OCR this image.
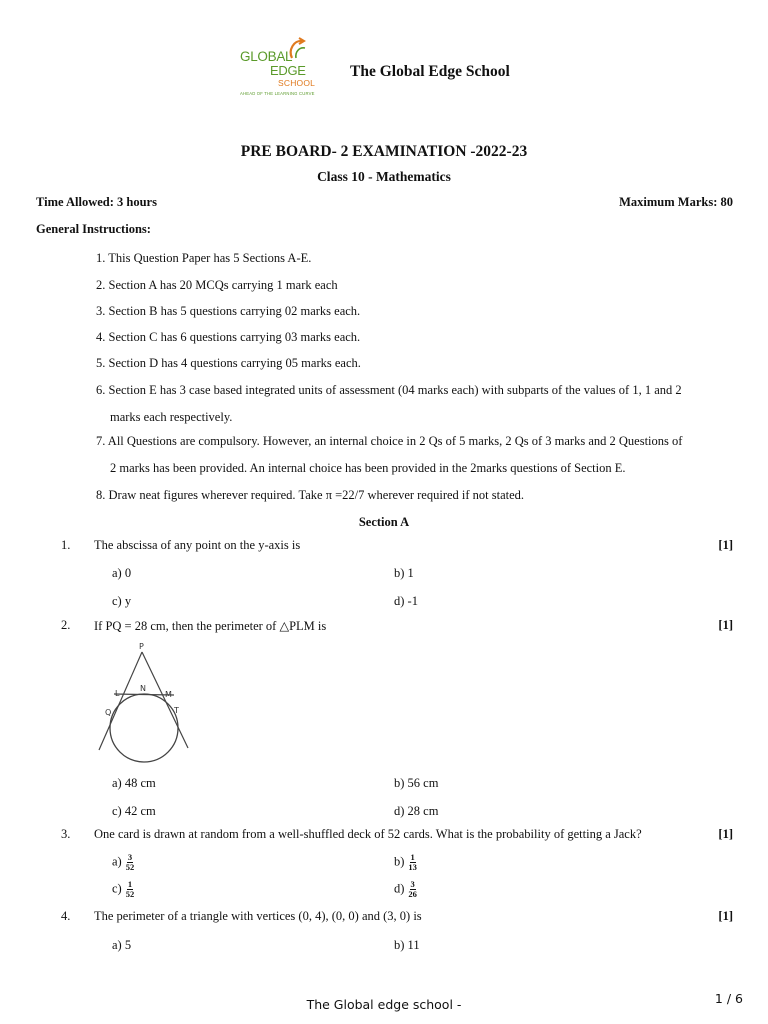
GLOBAL
EDGE
SCHOOL
AHEAD OF THE LEARNING CURVE
The Global Edge School
PRE BOARD- 2 EXAMINATION -2022-23
Class 10 - Mathematics
Time Allowed: 3 hours	Maximum Marks: 80
General Instructions:
1. This Question Paper has 5 Sections A-E.
2. Section A has 20 MCQs carrying 1 mark each
3. Section B has 5 questions carrying 02 marks each.
4. Section C has 6 questions carrying 03 marks each.
5. Section D has 4 questions carrying 05 marks each.
6. Section E has 3 case based integrated units of assessment (04 marks each) with subparts of the values of 1, 1 and 2
marks each respectively.
7. All Questions are compulsory. However, an internal choice in 2 Qs of 5 marks, 2 Qs of 3 marks and 2 Questions of
2 marks has been provided. An internal choice has been provided in the 2marks questions of Section E.
8. Draw neat figures wherever required. Take π =22/7 wherever required if not stated.
Section A
1. The abscissa of any point on the y-axis is	[1]
a) 0	b) 1
c) y	d) -1
2. If PQ = 28 cm, then the perimeter of △PLM is	[1]
P
L
N
M
Q	T
a) 48 cm	b) 56 cm
c) 42 cm	d) 28 cm
3. One card is drawn at random from a well-shuffled deck of 52 cards. What is the probability of getting a Jack?	[1]
$a) \frac{3}{52}$	$b) \frac{1}{13}$
$c) \frac{1}{52}$	$d) \frac{3}{26}$
4. The perimeter of a triangle with vertices (0, 4), (0, 0) and (3, 0) is	[1]
a) 5	b) 11
The Global edge school -	1 / 6
